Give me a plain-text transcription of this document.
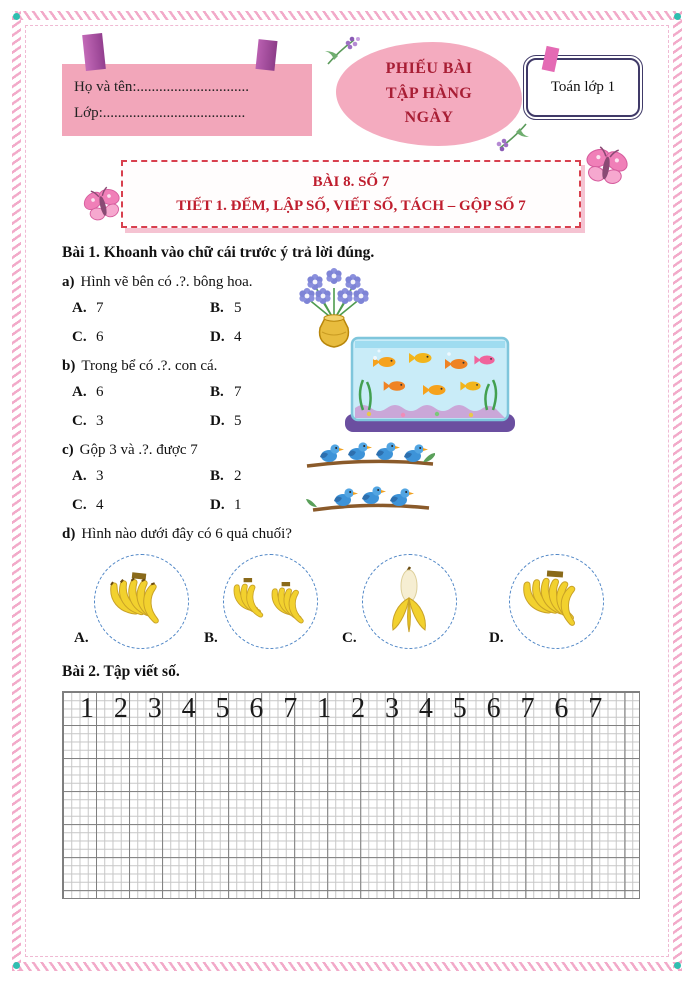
Họ và tên:..............................
Lớp:......................................
PHIẾU BÀI
TẬP HÀNG
NGÀY
Toán lớp 1
BÀI 8. SỐ 7
TIẾT 1. ĐẾM, LẬP SỐ, VIẾT SỐ, TÁCH – GỘP SỐ 7
Bài 1. Khoanh vào chữ cái trước ý trả lời đúng.
a) Hình vẽ bên có .?. bông hoa.
A. 7	B. 5
C. 6	D. 4
b) Trong bể có .?. con cá.
A. 6	B. 7
C. 3	D. 5
c) Gộp 3 và .?. được 7
A. 3	B. 2
C. 4	D. 1
d) Hình nào dưới đây có 6 quả chuối?
A.	B.	C.	D.
Bài 2. Tập viết số.
1 2 3 4 5 6 7 1 2 3 4 5 6 7 6 7
